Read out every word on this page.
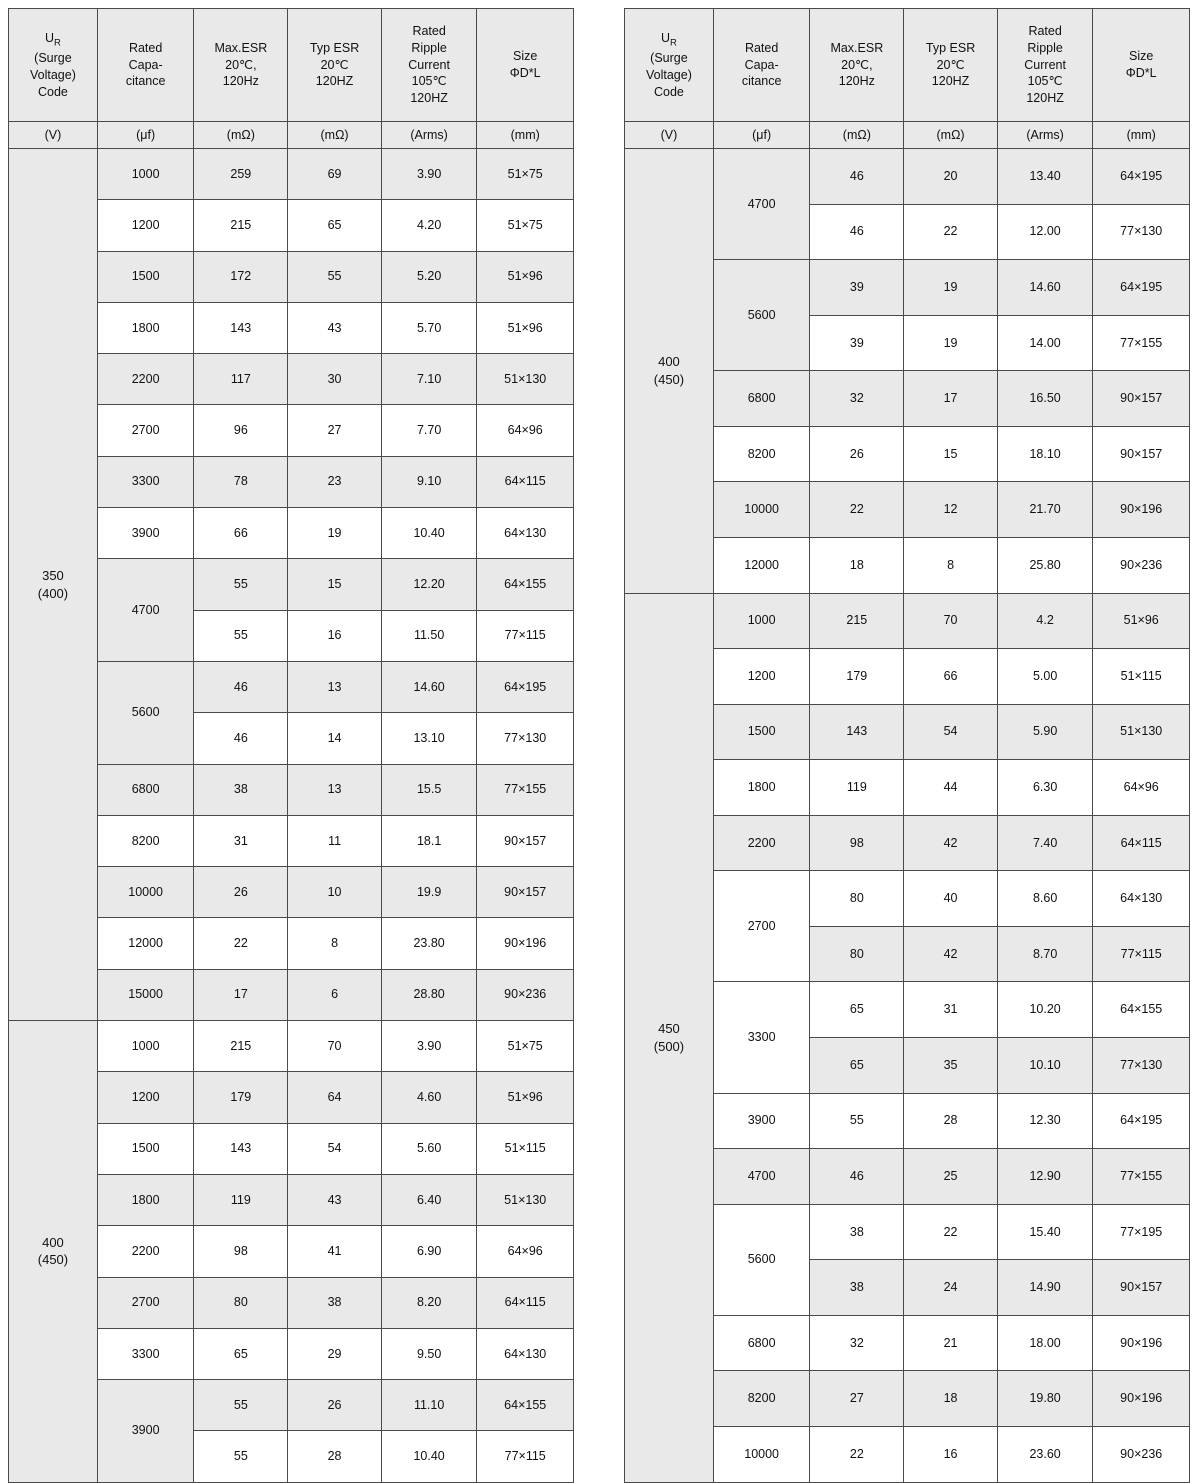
$U_R$
(Surge
Voltage)
Code	Rated
Capa-
citance	Max.ESR
20℃,
120Hz	Typ ESR
20℃
120HZ	Rated
Ripple
Current
105℃
120HZ	Size
ΦD*L

(V)	(μf)	(mΩ)	(mΩ)	(Arms)	(mm)

350
(400)	1000	259	69	3.90	51×75
	1200	215	65	4.20	51×75
	1500	172	55	5.20	51×96
	1800	143	43	5.70	51×96
	2200	117	30	7.10	51×130
	2700	96	27	7.70	64×96
	3300	78	23	9.10	64×115
	3900	66	19	10.40	64×130
	4700	55	15	12.20	64×155
		55	16	11.50	77×115
	5600	46	13	14.60	64×195
		46	14	13.10	77×130
	6800	38	13	15.5	77×155
	8200	31	11	18.1	90×157
	10000	26	10	19.9	90×157
	12000	22	8	23.80	90×196
	15000	17	6	28.80	90×236

400
(450)	1000	215	70	3.90	51×75
	1200	179	64	4.60	51×96
	1500	143	54	5.60	51×115
	1800	119	43	6.40	51×130
	2200	98	41	6.90	64×96
	2700	80	38	8.20	64×115
	3300	65	29	9.50	64×130
	3900	55	26	11.10	64×155
		55	28	10.40	77×115
$U_R$
(Surge
Voltage)
Code	Rated
Capa-
citance	Max.ESR
20℃,
120Hz	Typ ESR
20℃
120HZ	Rated
Ripple
Current
105℃
120HZ	Size
ΦD*L

(V)	(μf)	(mΩ)	(mΩ)	(Arms)	(mm)

400
(450)	4700	46	20	13.40	64×195
		46	22	12.00	77×130
	5600	39	19	14.60	64×195
		39	19	14.00	77×155
	6800	32	17	16.50	90×157
	8200	26	15	18.10	90×157
	10000	22	12	21.70	90×196
	12000	18	8	25.80	90×236

450
(500)	1000	215	70	4.2	51×96
	1200	179	66	5.00	51×115
	1500	143	54	5.90	51×130
	1800	119	44	6.30	64×96
	2200	98	42	7.40	64×115
	2700	80	40	8.60	64×130
		80	42	8.70	77×115
	3300	65	31	10.20	64×155
		65	35	10.10	77×130
	3900	55	28	12.30	64×195
	4700	46	25	12.90	77×155
	5600	38	22	15.40	77×195
		38	24	14.90	90×157
	6800	32	21	18.00	90×196
	8200	27	18	19.80	90×196
	10000	22	16	23.60	90×236
